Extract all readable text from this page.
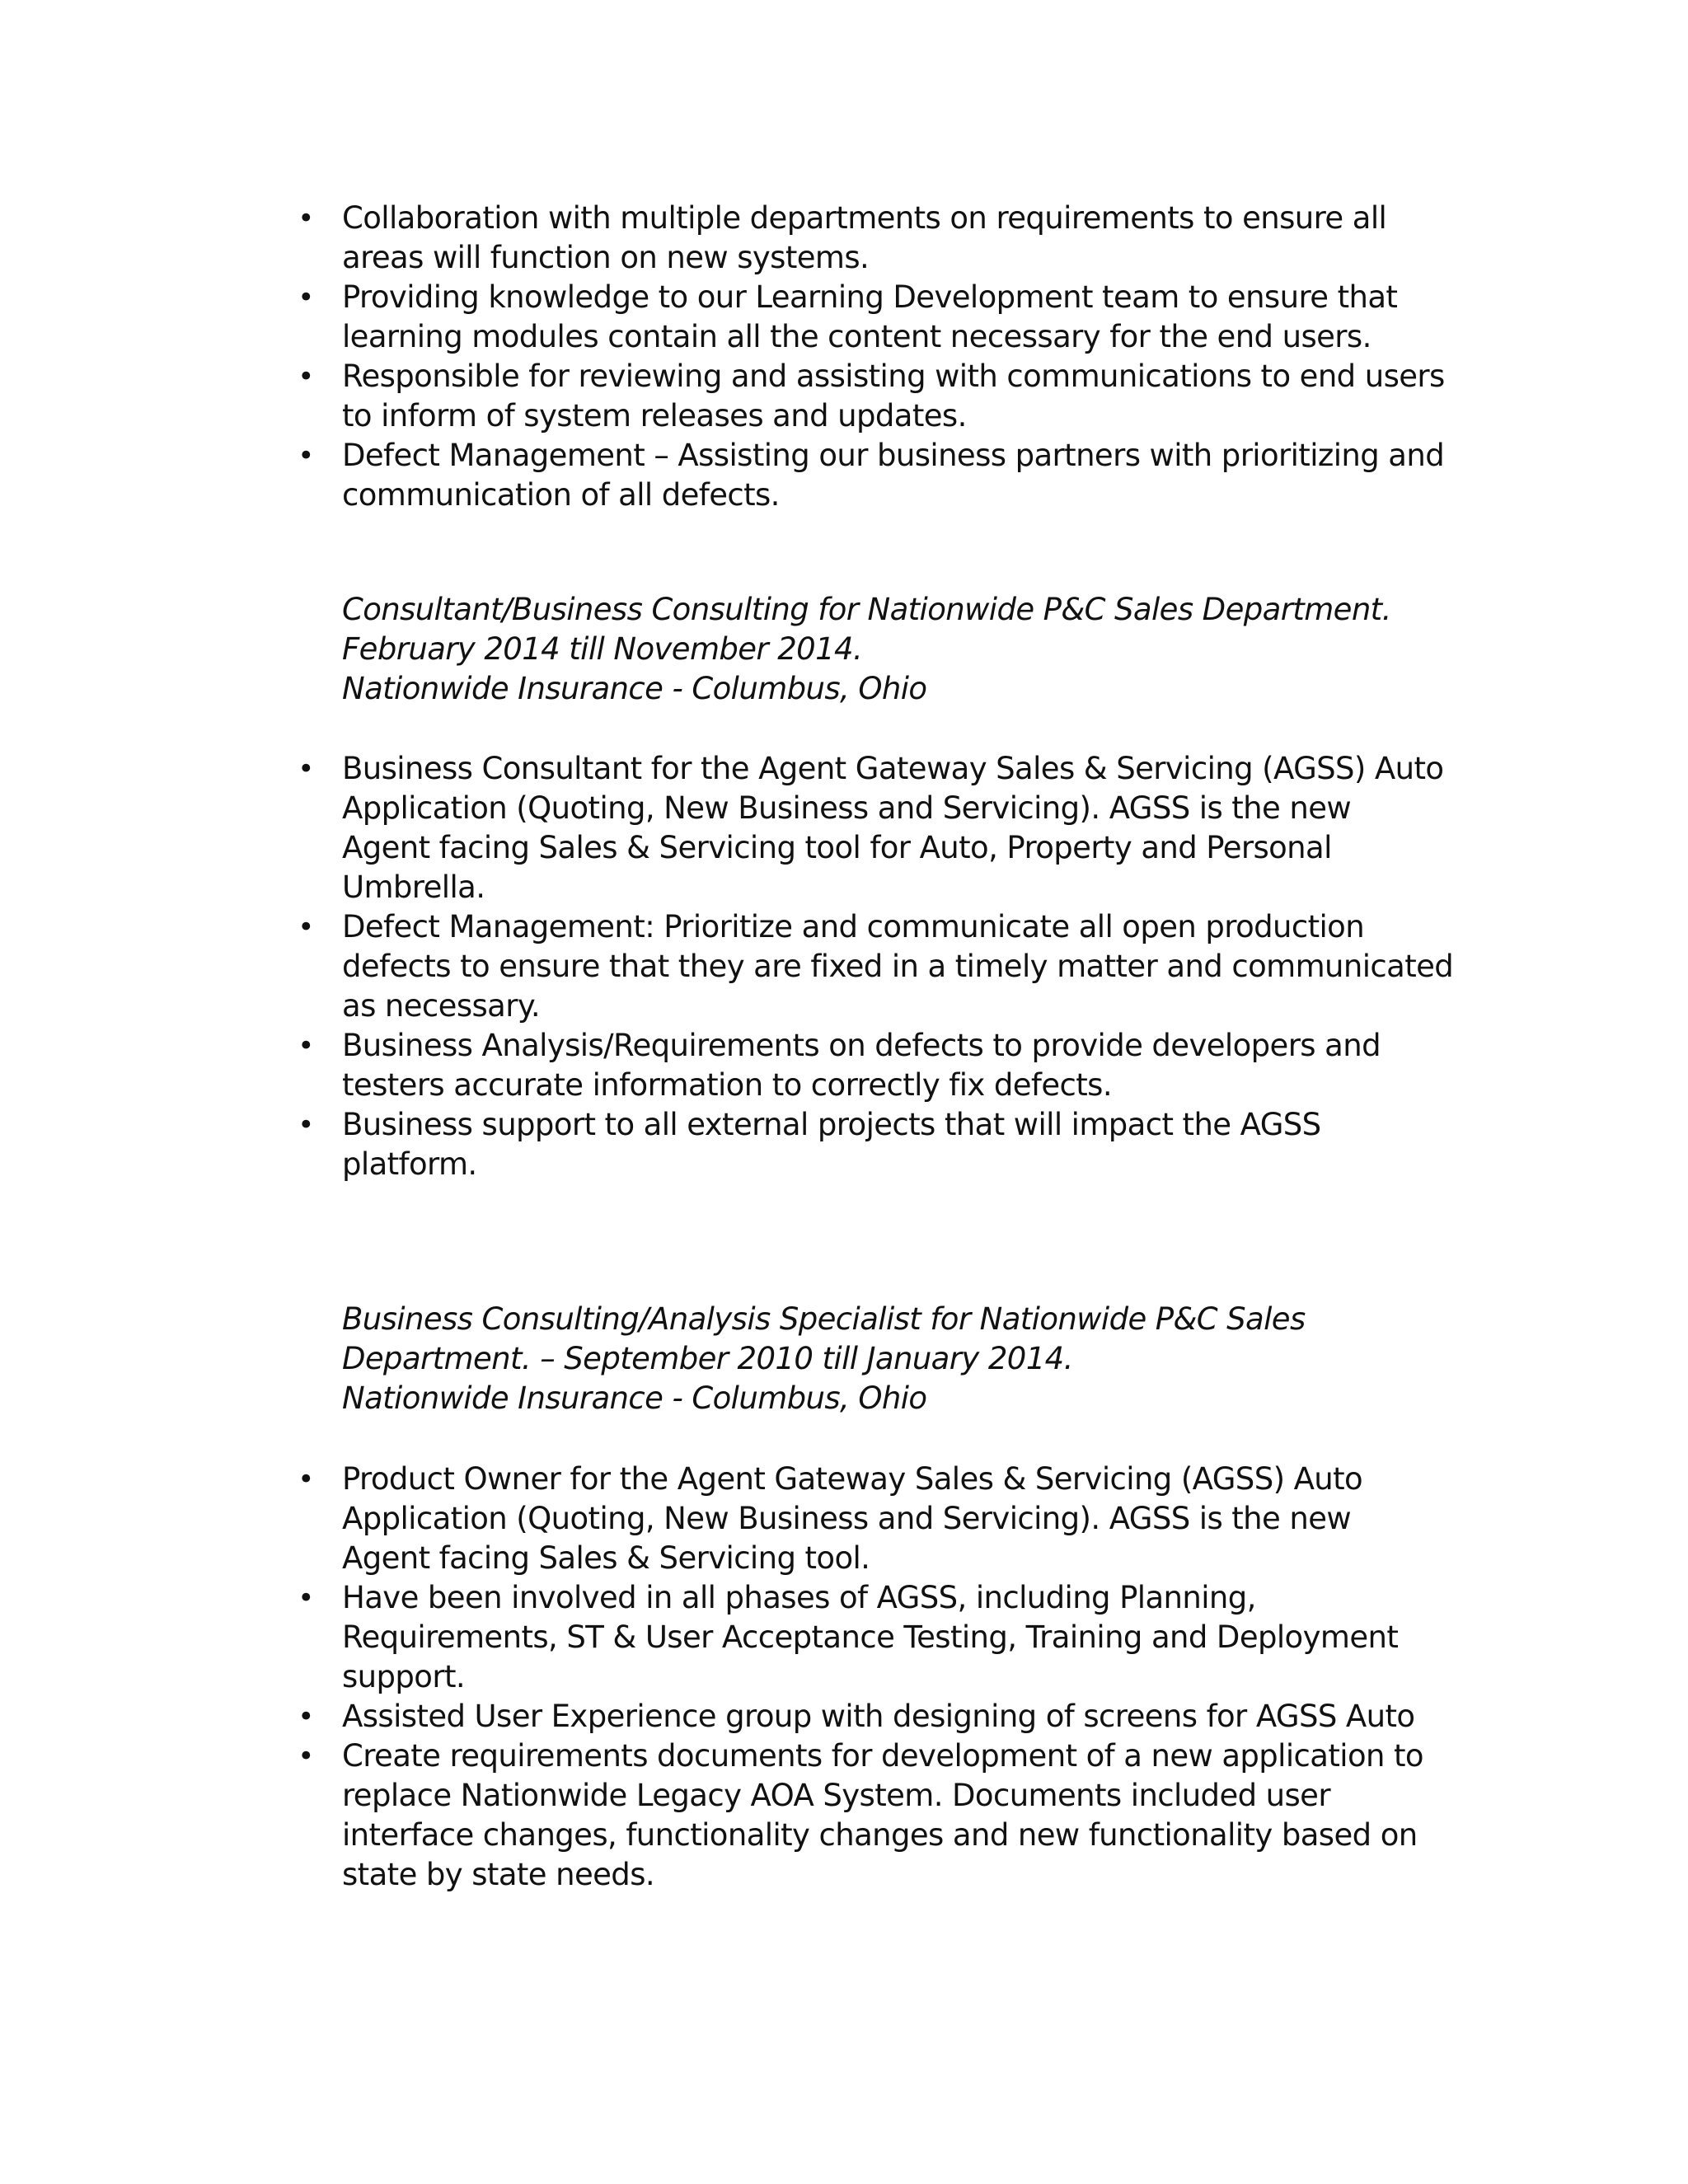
• Collaboration with multiple departments on requirements to ensure all
areas will function on new systems.
• Providing knowledge to our Learning Development team to ensure that
learning modules contain all the content necessary for the end users.
• Responsible for reviewing and assisting with communications to end users
to inform of system releases and updates.
• Defect Management – Assisting our business partners with prioritizing and
communication of all defects.
Consultant/Business Consulting for Nationwide P&C Sales Department.
February 2014 till November 2014.
Nationwide Insurance - Columbus, Ohio
• Business Consultant for the Agent Gateway Sales & Servicing (AGSS) Auto
Application (Quoting, New Business and Servicing). AGSS is the new
Agent facing Sales & Servicing tool for Auto, Property and Personal
Umbrella.
• Defect Management: Prioritize and communicate all open production
defects to ensure that they are fixed in a timely matter and communicated
as necessary.
• Business Analysis/Requirements on defects to provide developers and
testers accurate information to correctly fix defects.
• Business support to all external projects that will impact the AGSS
platform.
Business Consulting/Analysis Specialist for Nationwide P&C Sales
Department. – September 2010 till January 2014.
Nationwide Insurance - Columbus, Ohio
• Product Owner for the Agent Gateway Sales & Servicing (AGSS) Auto
Application (Quoting, New Business and Servicing). AGSS is the new
Agent facing Sales & Servicing tool.
• Have been involved in all phases of AGSS, including Planning,
Requirements, ST & User Acceptance Testing, Training and Deployment
support.
• Assisted User Experience group with designing of screens for AGSS Auto
• Create requirements documents for development of a new application to
replace Nationwide Legacy AOA System. Documents included user
interface changes, functionality changes and new functionality based on
state by state needs.
